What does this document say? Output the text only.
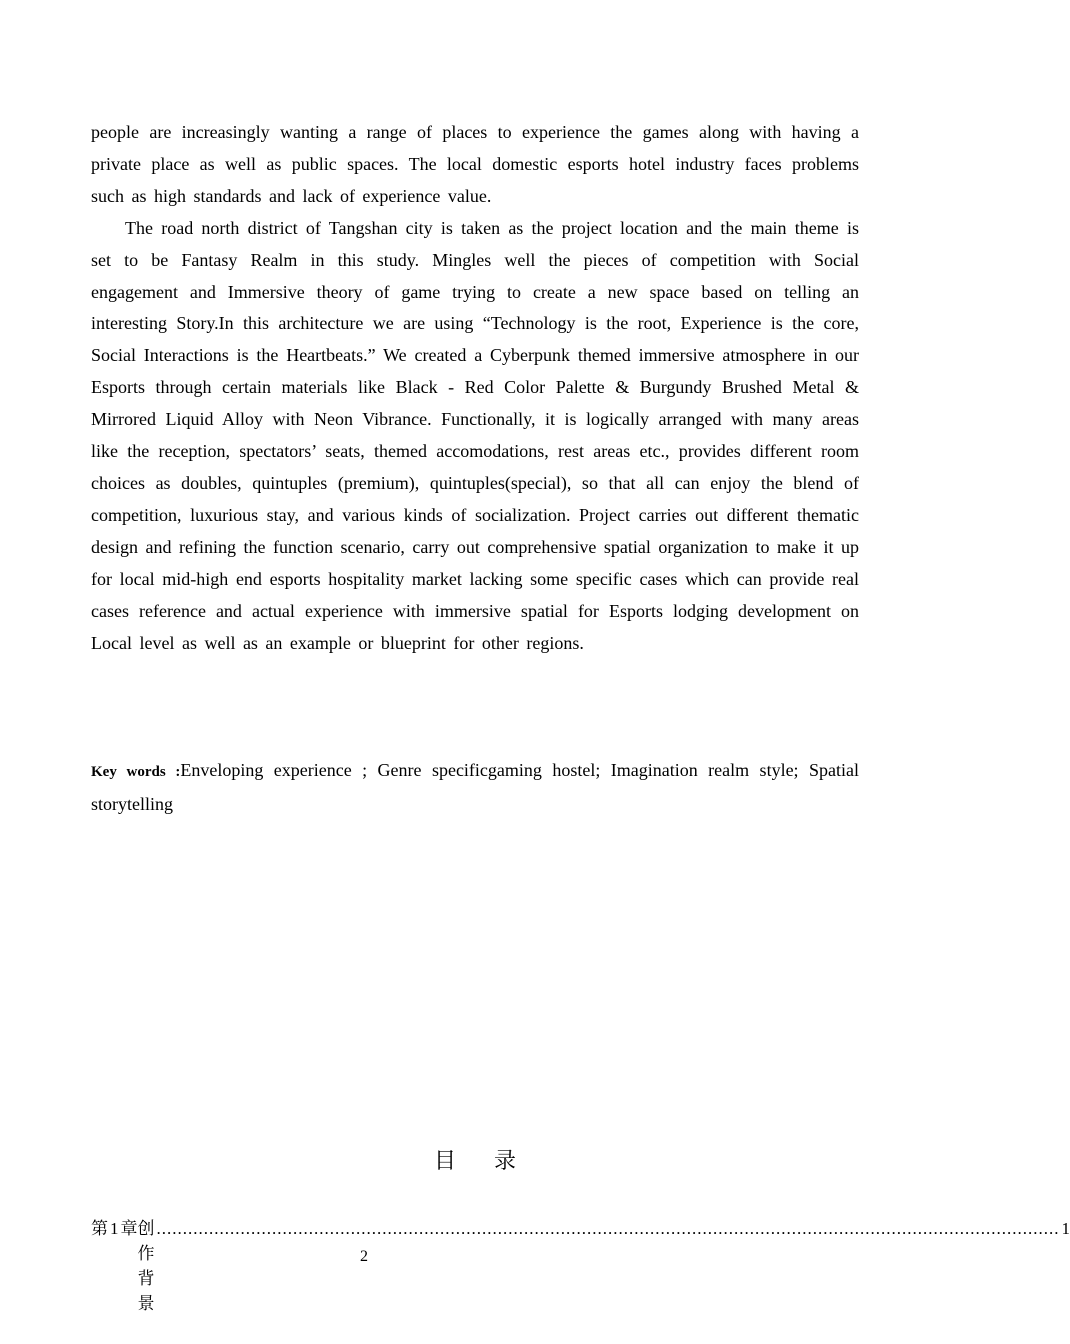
people are increasingly wanting a range of places to experience the games along with having a private place as well as public spaces. The local domestic esports hotel industry faces problems such as high standards and lack of experience value.

The road north district of Tangshan city is taken as the project location and the main theme is set to be Fantasy Realm in this study. Mingles well the pieces of competition with Social engagement and Immersive theory of game trying to create a new space based on telling an interesting Story.In this architecture we are using “Technology is the root, Experience is the core, Social Interactions is the Heartbeats.” We created a Cyberpunk themed immersive atmosphere in our Esports through certain materials like Black - Red Color Palette & Burgundy Brushed Metal & Mirrored Liquid Alloy with Neon Vibrance. Functionally, it is logically arranged with many areas like the reception, spectators’ seats, themed accomodations, rest areas etc., provides different room choices as doubles, quintuples (premium), quintuples(special), so that all can enjoy the blend of competition, luxurious stay, and various kinds of socialization. Project carries out different thematic design and refining the function scenario, carry out comprehensive spatial organization to make it up for local mid-high end esports hospitality market lacking some specific cases which can provide real cases reference and actual experience with immersive spatial for Esports lodging development on Local level as well as an example or blueprint for other regions.

Key words :Enveloping experience ; Genre specificgaming hostel; Imagination realm style; Spatial storytelling
目 录
第 1 章 创作背景
............................................................................................................................................................................ 1
2
